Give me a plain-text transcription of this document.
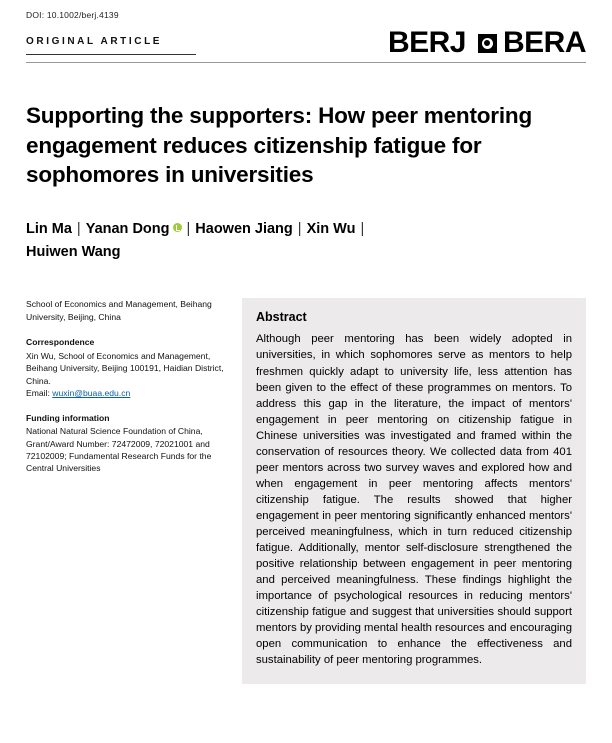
DOI: 10.1002/berj.4139
ORIGINAL ARTICLE	BERJ BERA
Supporting the supporters: How peer mentoring engagement reduces citizenship fatigue for sophomores in universities
Lin Ma | Yanan Dong | Haowen Jiang | Xin Wu |
Huiwen Wang
School of Economics and Management, Beihang University, Beijing, China
Correspondence
Xin Wu, School of Economics and Management, Beihang University, Beijing 100191, Haidian District, China.
Email: wuxin@buaa.edu.cn
Funding information
National Natural Science Foundation of China, Grant/Award Number: 72472009, 72021001 and 72102009; Fundamental Research Funds for the Central Universities
Abstract

Although peer mentoring has been widely adopted in universities, in which sophomores serve as mentors to help freshmen quickly adapt to university life, less attention has been given to the effect of these programmes on mentors. To address this gap in the literature, the impact of mentors' engagement in peer mentoring on citizenship fatigue in Chinese universities was investigated and framed within the conservation of resources theory. We collected data from 401 peer mentors across two survey waves and explored how and when engagement in peer mentoring affects mentors' citizenship fatigue. The results showed that higher engagement in peer mentoring significantly enhanced mentors' perceived meaningfulness, which in turn reduced citizenship fatigue. Additionally, mentor self-disclosure strengthened the positive relationship between engagement in peer mentoring and perceived meaningfulness. These findings highlight the importance of psychological resources in reducing mentors' citizenship fatigue and suggest that universities should support mentors by providing mental health resources and encouraging open communication to enhance the effectiveness and sustainability of peer mentoring programmes.
